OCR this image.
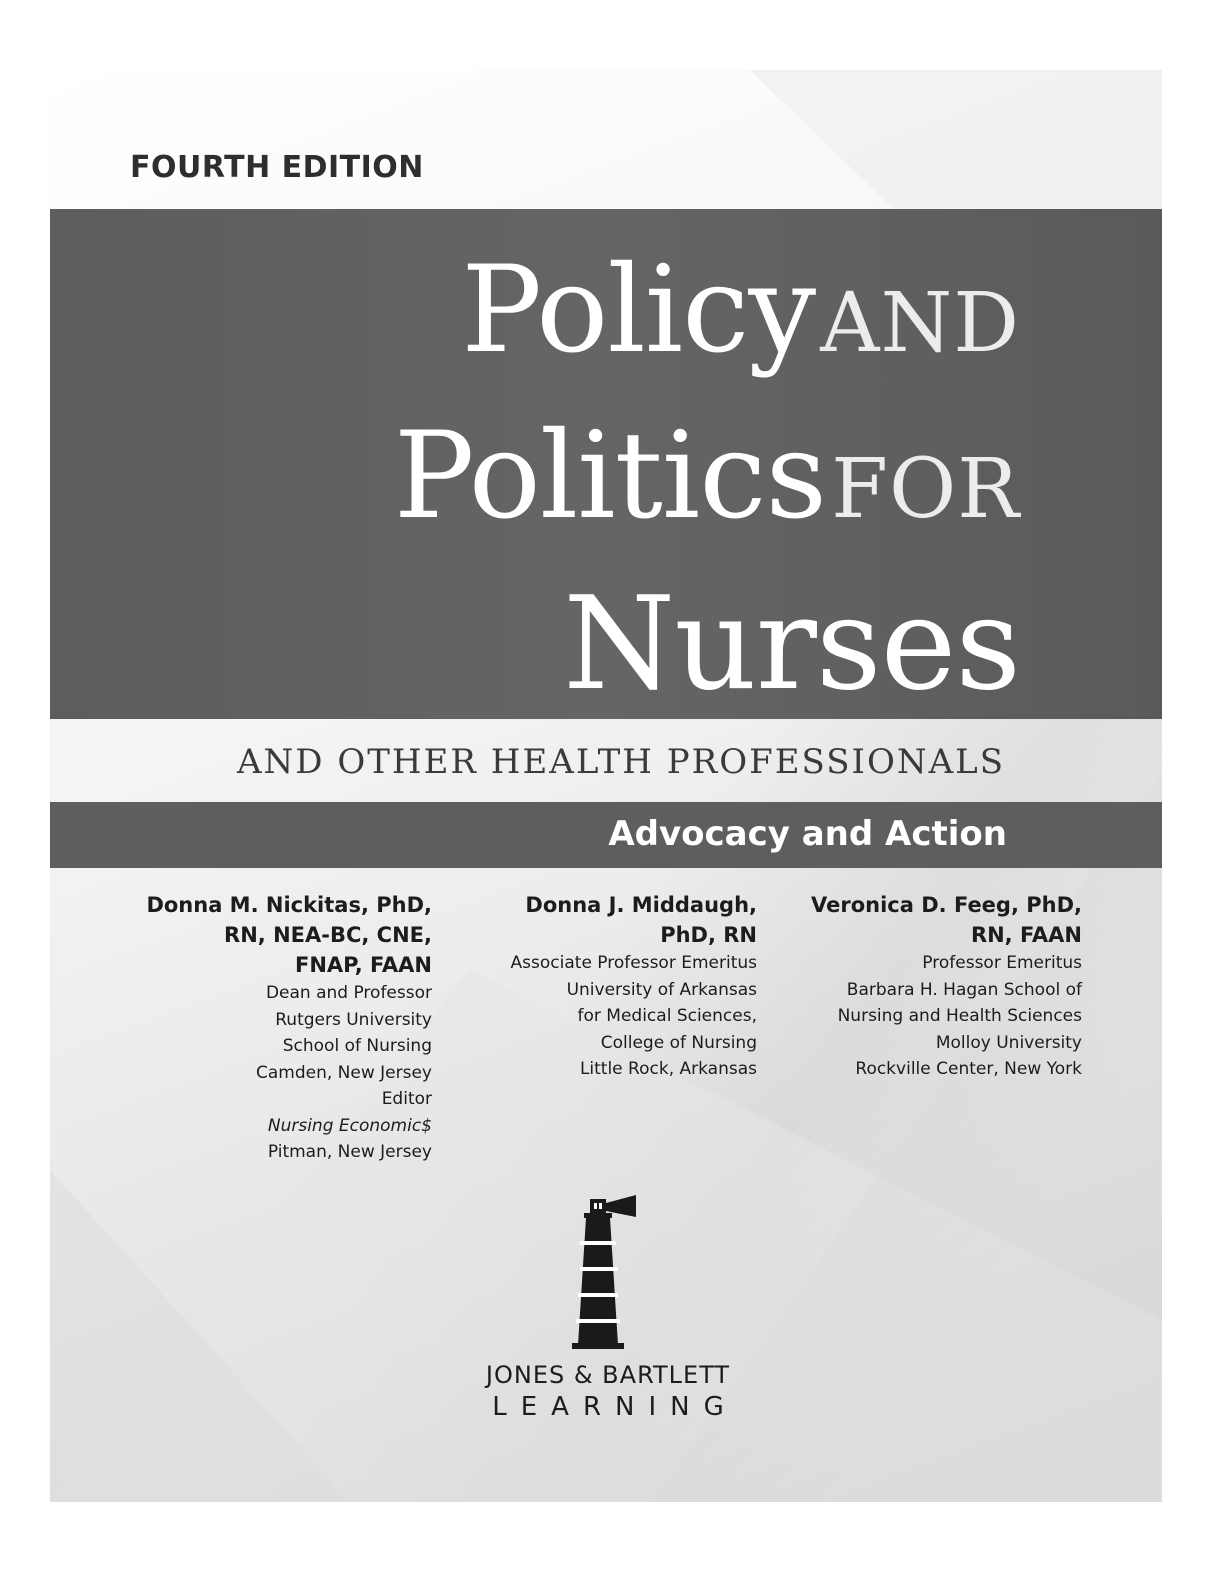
FOURTH EDITION

Policy AND

Politics FOR

Nurses

AND OTHER HEALTH PROFESSIONALS

Advocacy and Action

Donna M. Nickitas, PhD,

RN, NEA-BC, CNE,

FNAP, FAAN

Dean and Professor

Rutgers University

School of Nursing

Camden, New Jersey

Editor

Nursing Economic$

Pitman, New Jersey

Donna J. Middaugh,

PhD, RN

Associate Professor Emeritus

University of Arkansas

for Medical Sciences,

College of Nursing

Little Rock, Arkansas

Veronica D. Feeg, PhD,

RN, FAAN

Professor Emeritus

Barbara H. Hagan School of

Nursing and Health Sciences

Molloy University

Rockville Center, New York

JONES & BARTLETT

LEARNING
